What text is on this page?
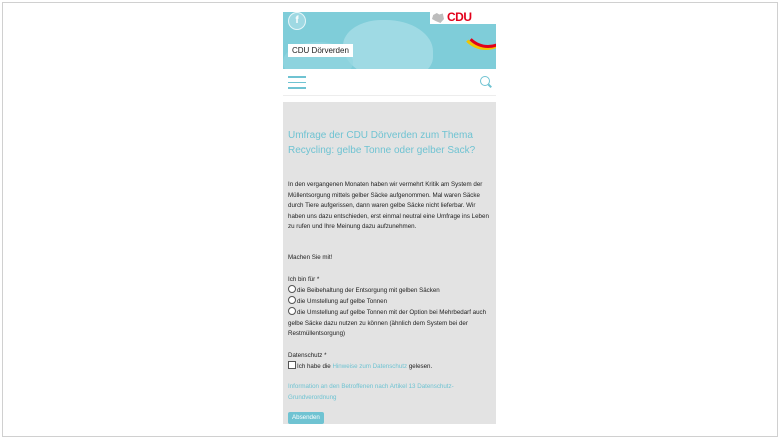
f	CDU
CDU Dörverden
Umfrage der CDU Dörverden zum Thema Recycling: gelbe Tonne oder gelber Sack?
In den vergangenen Monaten haben wir vermehrt Kritik am System der Müllentsorgung mittels gelber Säcke aufgenommen. Mal waren Säcke durch Tiere aufgerissen, dann waren gelbe Säcke nicht lieferbar. Wir haben uns dazu entschieden, erst einmal neutral eine Umfrage ins Leben zu rufen und Ihre Meinung dazu aufzunehmen.
Machen Sie mit!
Ich bin für *
die Beibehaltung der Entsorgung mit gelben Säcken
die Umstellung auf gelbe Tonnen
die Umstellung auf gelbe Tonnen mit der Option bei Mehrbedarf auch gelbe Säcke dazu nutzen zu können (ähnlich dem System bei der Restmüllentsorgung)
Datenschutz *
Ich habe die Hinweise zum Datenschutz gelesen.
Information an den Betroffenen nach Artikel 13 Datenschutz-Grundverordnung
Absenden
